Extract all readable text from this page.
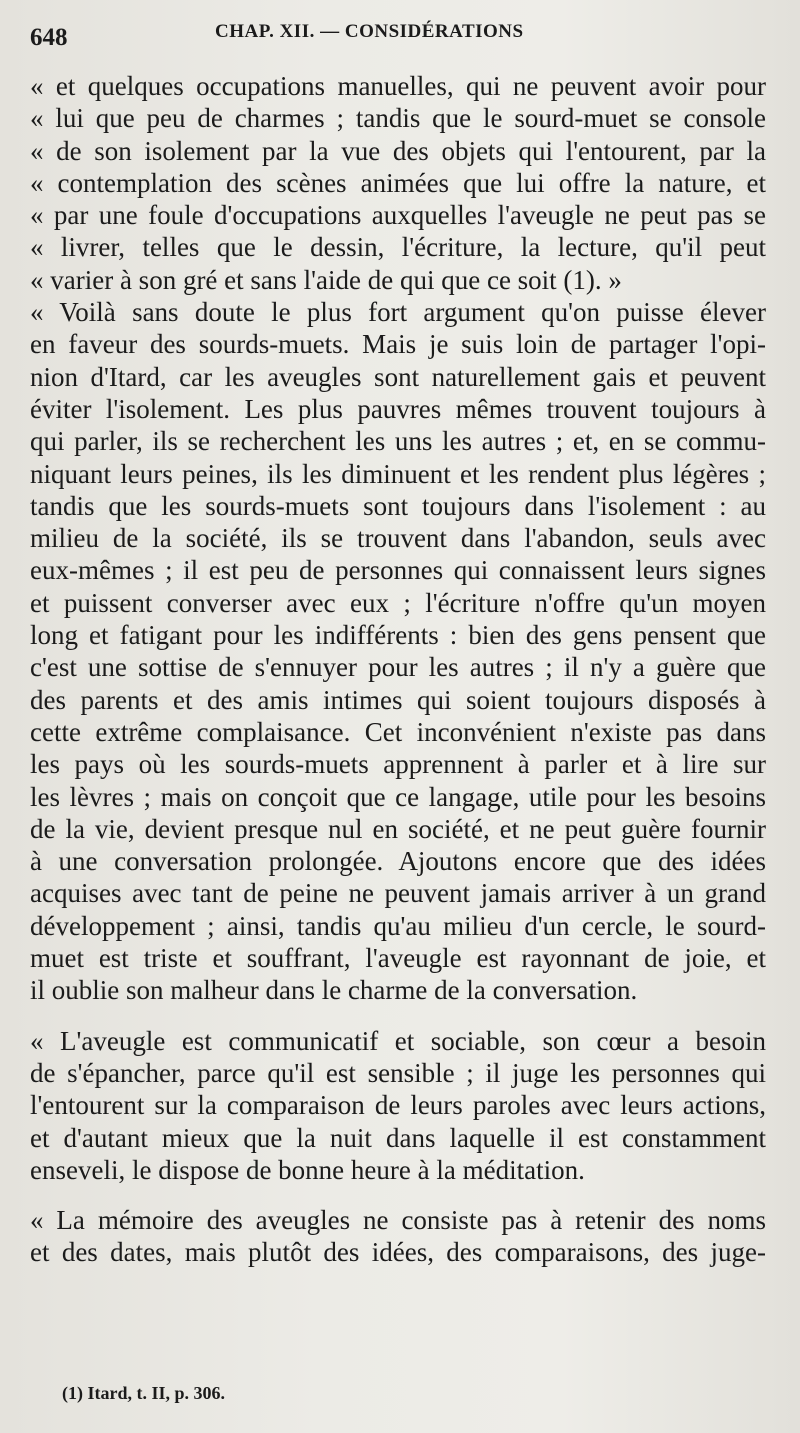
648	CHAP. XII. — CONSIDÉRATIONS
« et quelques occupations manuelles, qui ne peuvent avoir pour
« lui que peu de charmes ; tandis que le sourd-muet se console
« de son isolement par la vue des objets qui l'entourent, par la
« contemplation des scènes animées que lui offre la nature, et
« par une foule d'occupations auxquelles l'aveugle ne peut pas se
« livrer, telles que le dessin, l'écriture, la lecture, qu'il peut
« varier à son gré et sans l'aide de qui que ce soit (1). »
« Voilà sans doute le plus fort argument qu'on puisse élever
en faveur des sourds-muets. Mais je suis loin de partager l'opi-
nion d'Itard, car les aveugles sont naturellement gais et peuvent
éviter l'isolement. Les plus pauvres mêmes trouvent toujours à
qui parler, ils se recherchent les uns les autres ; et, en se commu-
niquant leurs peines, ils les diminuent et les rendent plus légères ;
tandis que les sourds-muets sont toujours dans l'isolement : au
milieu de la société, ils se trouvent dans l'abandon, seuls avec
eux-mêmes ; il est peu de personnes qui connaissent leurs signes
et puissent converser avec eux ; l'écriture n'offre qu'un moyen
long et fatigant pour les indifférents : bien des gens pensent que
c'est une sottise de s'ennuyer pour les autres ; il n'y a guère que
des parents et des amis intimes qui soient toujours disposés à
cette extrême complaisance. Cet inconvénient n'existe pas dans
les pays où les sourds-muets apprennent à parler et à lire sur
les lèvres ; mais on conçoit que ce langage, utile pour les besoins
de la vie, devient presque nul en société, et ne peut guère fournir
à une conversation prolongée. Ajoutons encore que des idées
acquises avec tant de peine ne peuvent jamais arriver à un grand
développement ; ainsi, tandis qu'au milieu d'un cercle, le sourd-
muet est triste et souffrant, l'aveugle est rayonnant de joie, et
il oublie son malheur dans le charme de la conversation.
« L'aveugle est communicatif et sociable, son cœur a besoin
de s'épancher, parce qu'il est sensible ; il juge les personnes qui
l'entourent sur la comparaison de leurs paroles avec leurs actions,
et d'autant mieux que la nuit dans laquelle il est constamment
enseveli, le dispose de bonne heure à la méditation.
« La mémoire des aveugles ne consiste pas à retenir des noms
et des dates, mais plutôt des idées, des comparaisons, des juge-
(1) Itard, t. II, p. 306.
